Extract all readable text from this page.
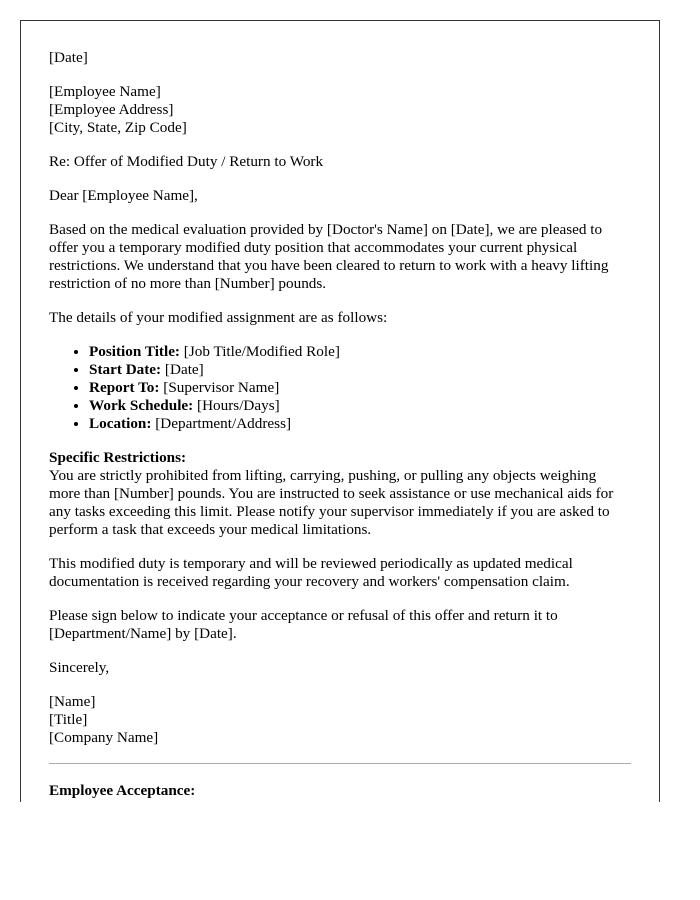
[Date]
[Employee Name]
[Employee Address]
[City, State, Zip Code]

Re: Offer of Modified Duty / Return to Work

Dear [Employee Name],

Based on the medical evaluation provided by [Doctor's Name] on [Date], we are pleased to offer you a temporary modified duty position that accommodates your current physical restrictions. We understand that you have been cleared to return to work with a heavy lifting restriction of no more than [Number] pounds.

The details of your modified assignment are as follows:

• Position Title: [Job Title/Modified Role]
• Start Date: [Date]
• Report To: [Supervisor Name]
• Work Schedule: [Hours/Days]
• Location: [Department/Address]

Specific Restrictions:
You are strictly prohibited from lifting, carrying, pushing, or pulling any objects weighing more than [Number] pounds. You are instructed to seek assistance or use mechanical aids for any tasks exceeding this limit. Please notify your supervisor immediately if you are asked to perform a task that exceeds your medical limitations.

This modified duty is temporary and will be reviewed periodically as updated medical documentation is received regarding your recovery and workers' compensation claim.

Please sign below to indicate your acceptance or refusal of this offer and return it to [Department/Name] by [Date].

Sincerely,

[Name]
[Title]
[Company Name]

Employee Acceptance:
